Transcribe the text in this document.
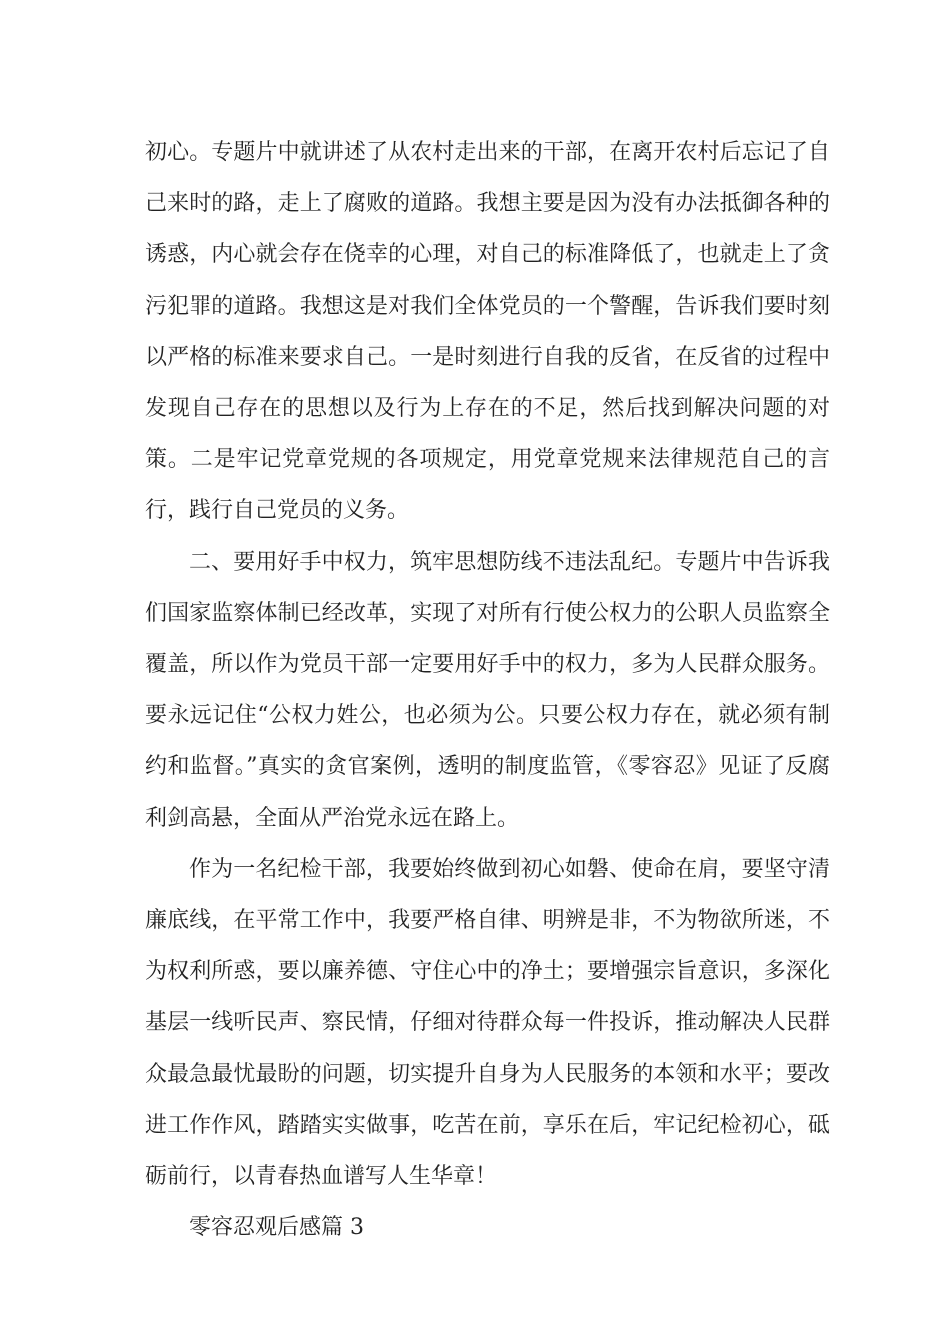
初心。专题片中就讲述了从农村走出来的干部，在离开农村后忘记了自己来时的路，走上了腐败的道路。我想主要是因为没有办法抵御各种的诱惑，内心就会存在侥幸的心理，对自己的标准降低了，也就走上了贪污犯罪的道路。我想这是对我们全体党员的一个警醒，告诉我们要时刻以严格的标准来要求自己。一是时刻进行自我的反省，在反省的过程中发现自己存在的思想以及行为上存在的不足，然后找到解决问题的对策。二是牢记党章党规的各项规定，用党章党规来法律规范自己的言行，践行自己党员的义务。

二、要用好手中权力，筑牢思想防线不违法乱纪。专题片中告诉我们国家监察体制已经改革，实现了对所有行使公权力的公职人员监察全覆盖，所以作为党员干部一定要用好手中的权力，多为人民群众服务。要永远记住“公权力姓公，也必须为公。只要公权力存在，就必须有制约和监督。”真实的贪官案例，透明的制度监管，《零容忍》见证了反腐利剑高悬，全面从严治党永远在路上。

作为一名纪检干部，我要始终做到初心如磐、使命在肩，要坚守清廉底线，在平常工作中，我要严格自律、明辨是非，不为物欲所迷，不为权利所惑，要以廉养德、守住心中的净土；要增强宗旨意识，多深化基层一线听民声、察民情，仔细对待群众每一件投诉，推动解决人民群众最急最忧最盼的问题，切实提升自身为人民服务的本领和水平；要改进工作作风，踏踏实实做事，吃苦在前，享乐在后，牢记纪检初心，砥砺前行，以青春热血谱写人生华章！

零容忍观后感篇 3
